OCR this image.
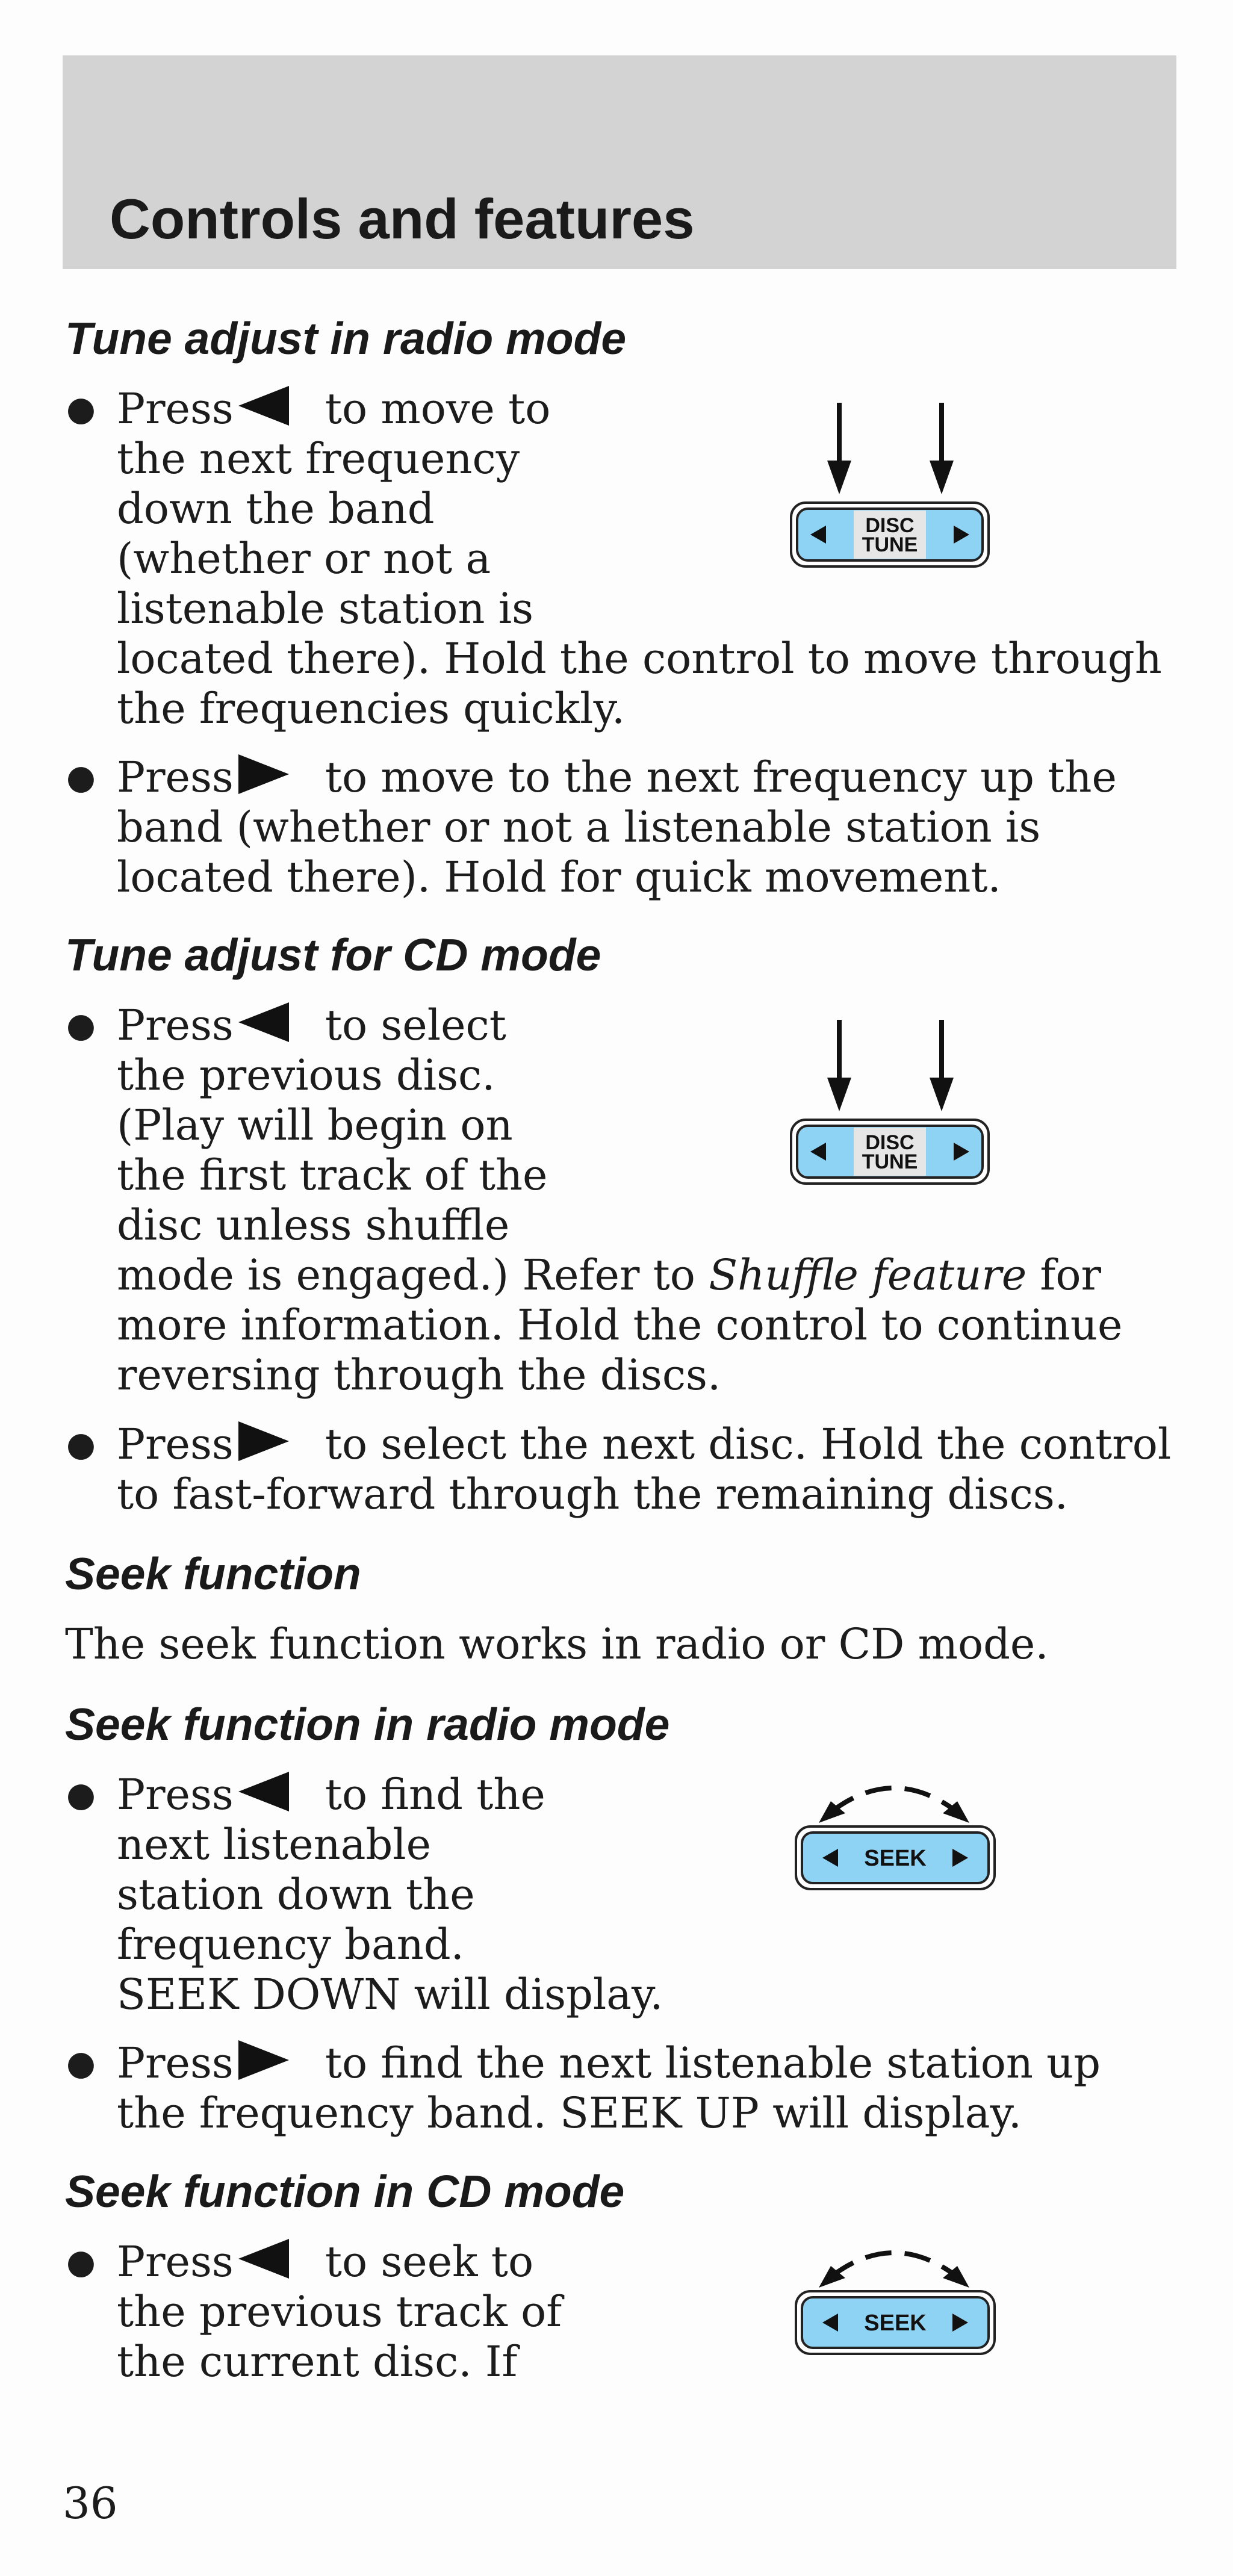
Controls and features
Tune adjust in radio mode
● Press to move to
the next frequency
down the band
(whether or not a
listenable station is
located there). Hold the control to move through
the frequencies quickly.
● Press to move to the next frequency up the
band (whether or not a listenable station is
located there). Hold for quick movement.
Tune adjust for CD mode
● Press to select
the previous disc.
(Play will begin on
the first track of the
disc unless shuffle
mode is engaged.) Refer to Shuffle feature for
more information. Hold the control to continue
reversing through the discs.
● Press to select the next disc. Hold the control
to fast-forward through the remaining discs.
Seek function

The seek function works in radio or CD mode.

Seek function in radio mode
● Press to find the
next listenable
station down the
frequency band.
SEEK DOWN will display.
● Press to find the next listenable station up
the frequency band. SEEK UP will display.
Seek function in CD mode
● Press to seek to
the previous track of
the current disc. If
DISC
TUNE
DISC
TUNE
SEEK
SEEK

36
